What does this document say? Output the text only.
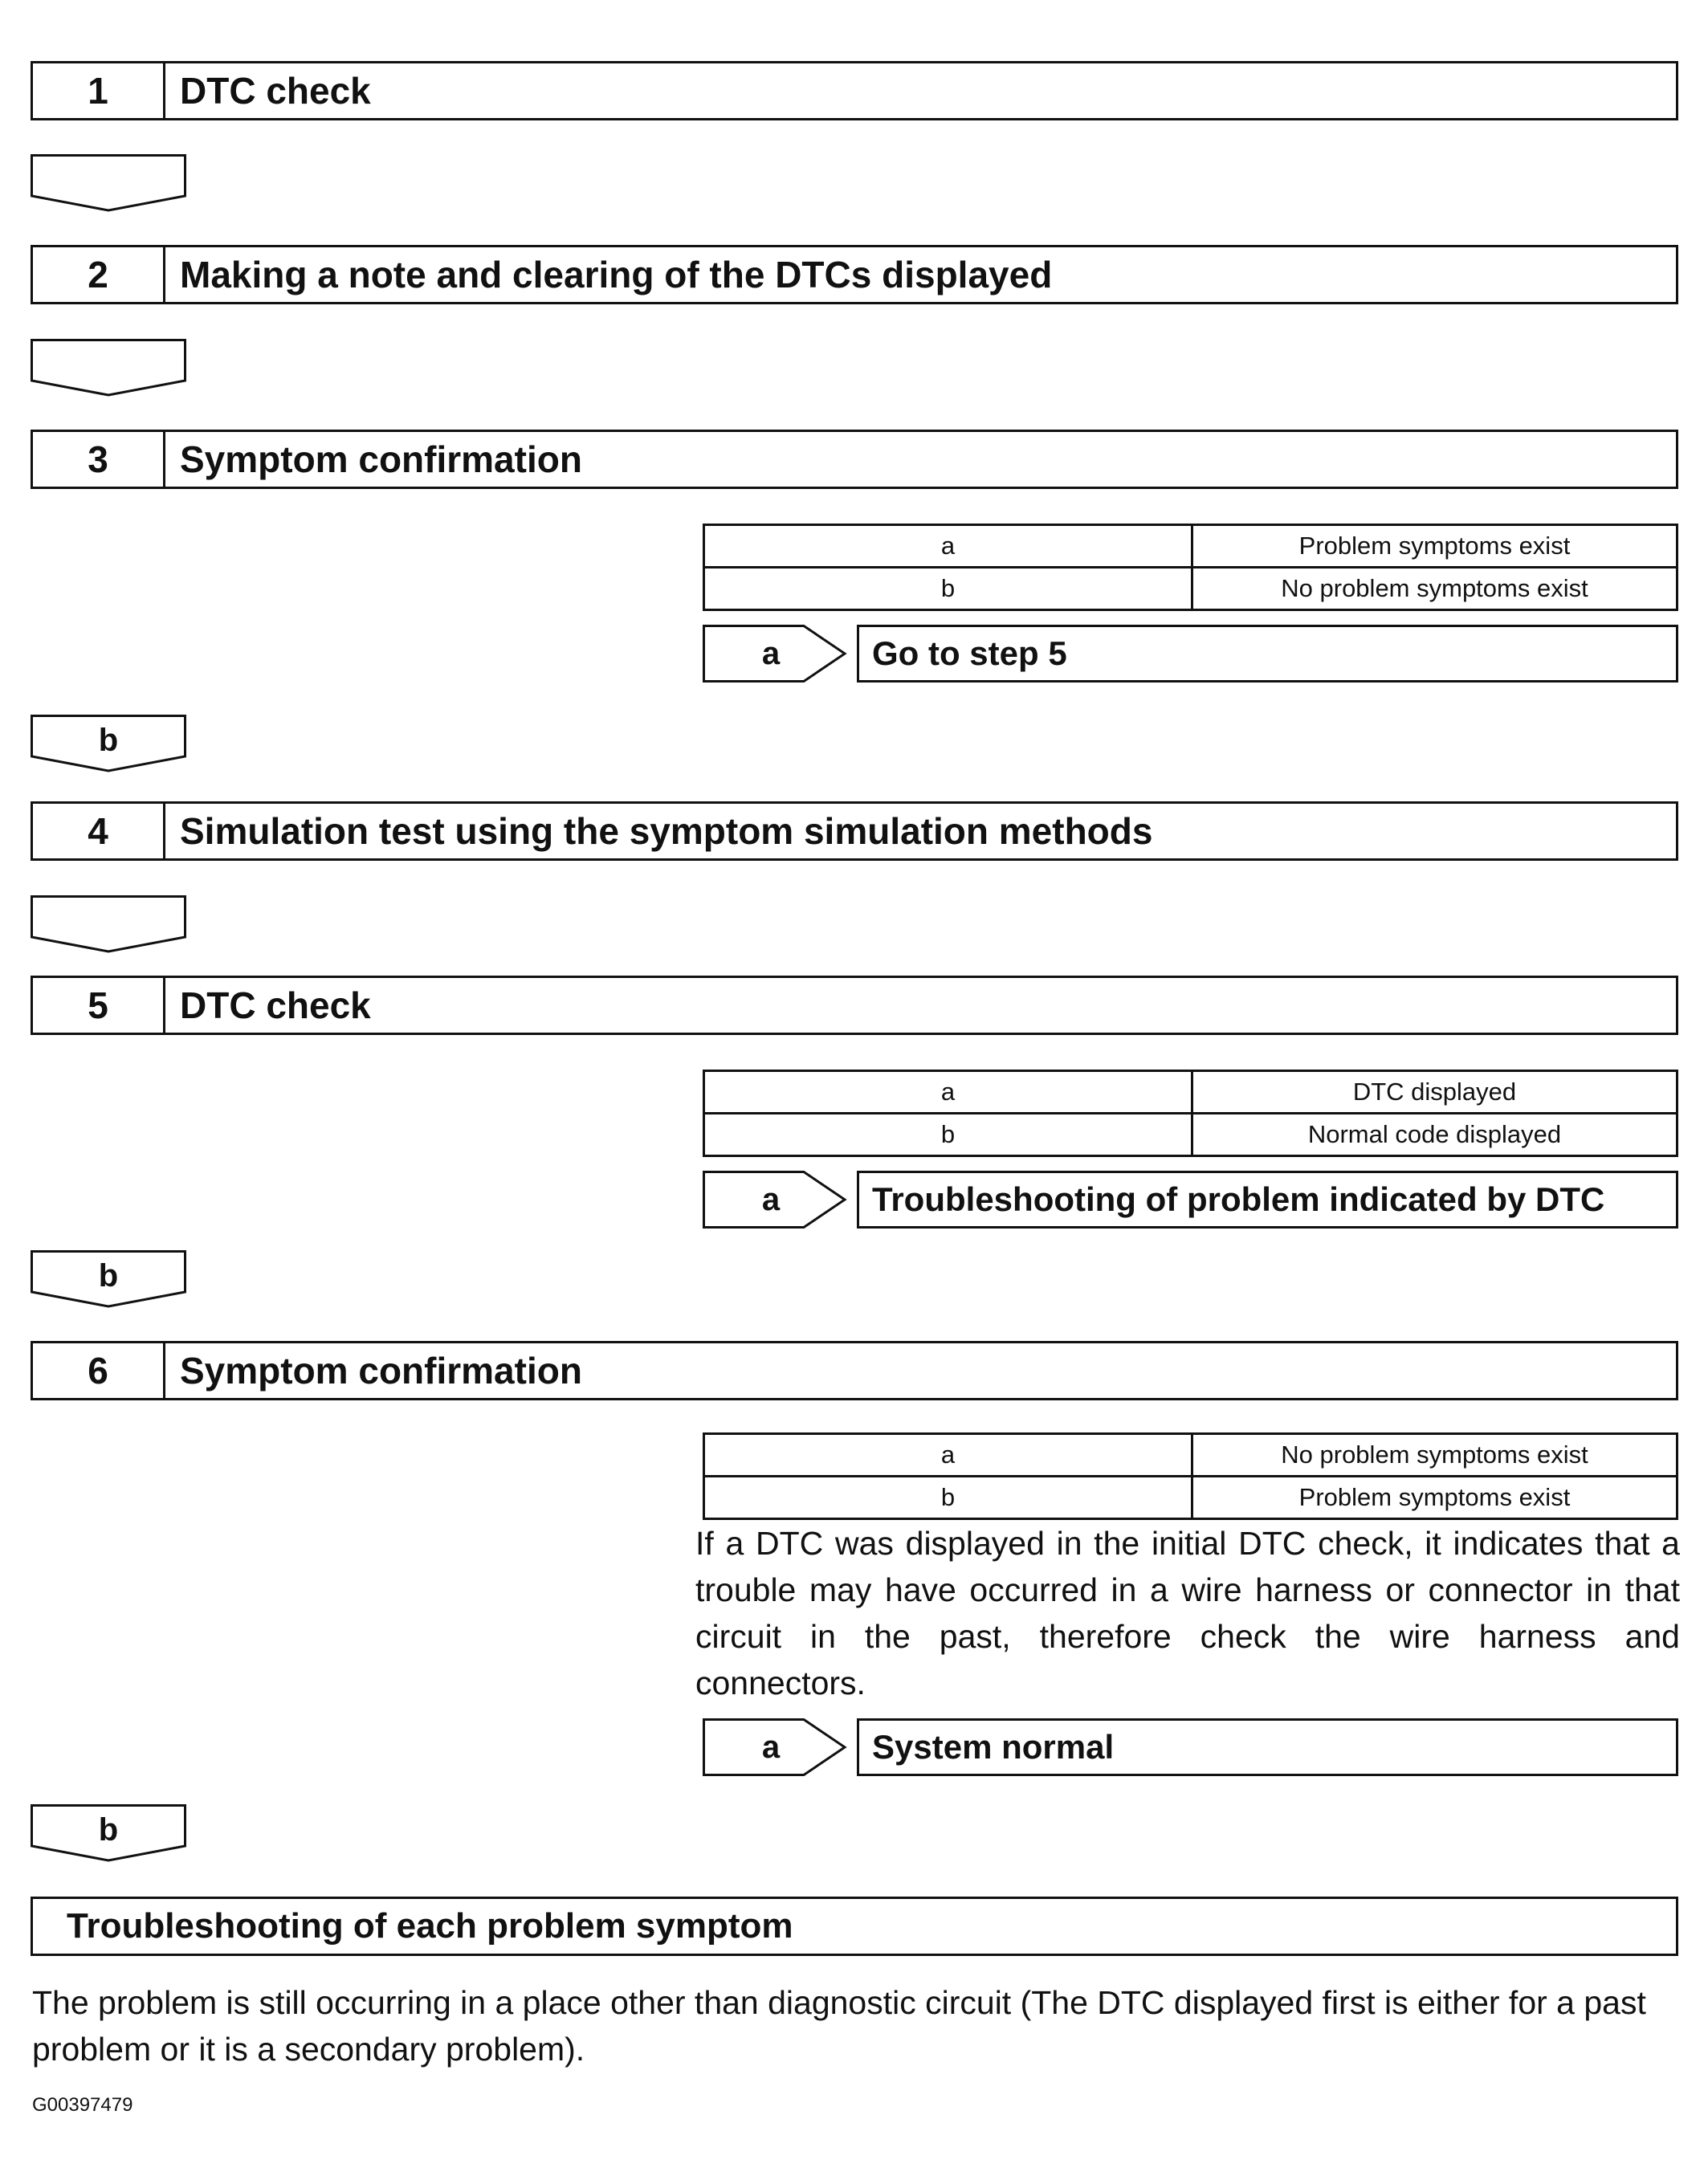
1	DTC check
2	Making a note and clearing of the DTCs displayed
3	Symptom confirmation
a	Problem symptoms exist
b	No problem symptoms exist
a	Go to step 5
b
4	Simulation test using the symptom simulation methods
5	DTC check
a	DTC displayed
b	Normal code displayed
a	Troubleshooting of problem indicated by DTC
b
6	Symptom confirmation
a	No problem symptoms exist
b	Problem symptoms exist
If a DTC was displayed in the initial DTC check, it indicates that a trouble may have occurred in a wire harness or connector in that circuit in the past, therefore check the wire harness and connectors.
a	System normal
b
Troubleshooting of each problem symptom
The problem is still occurring in a place other than diagnostic circuit (The DTC displayed first is either for a past problem or it is a secondary problem).
G00397479
